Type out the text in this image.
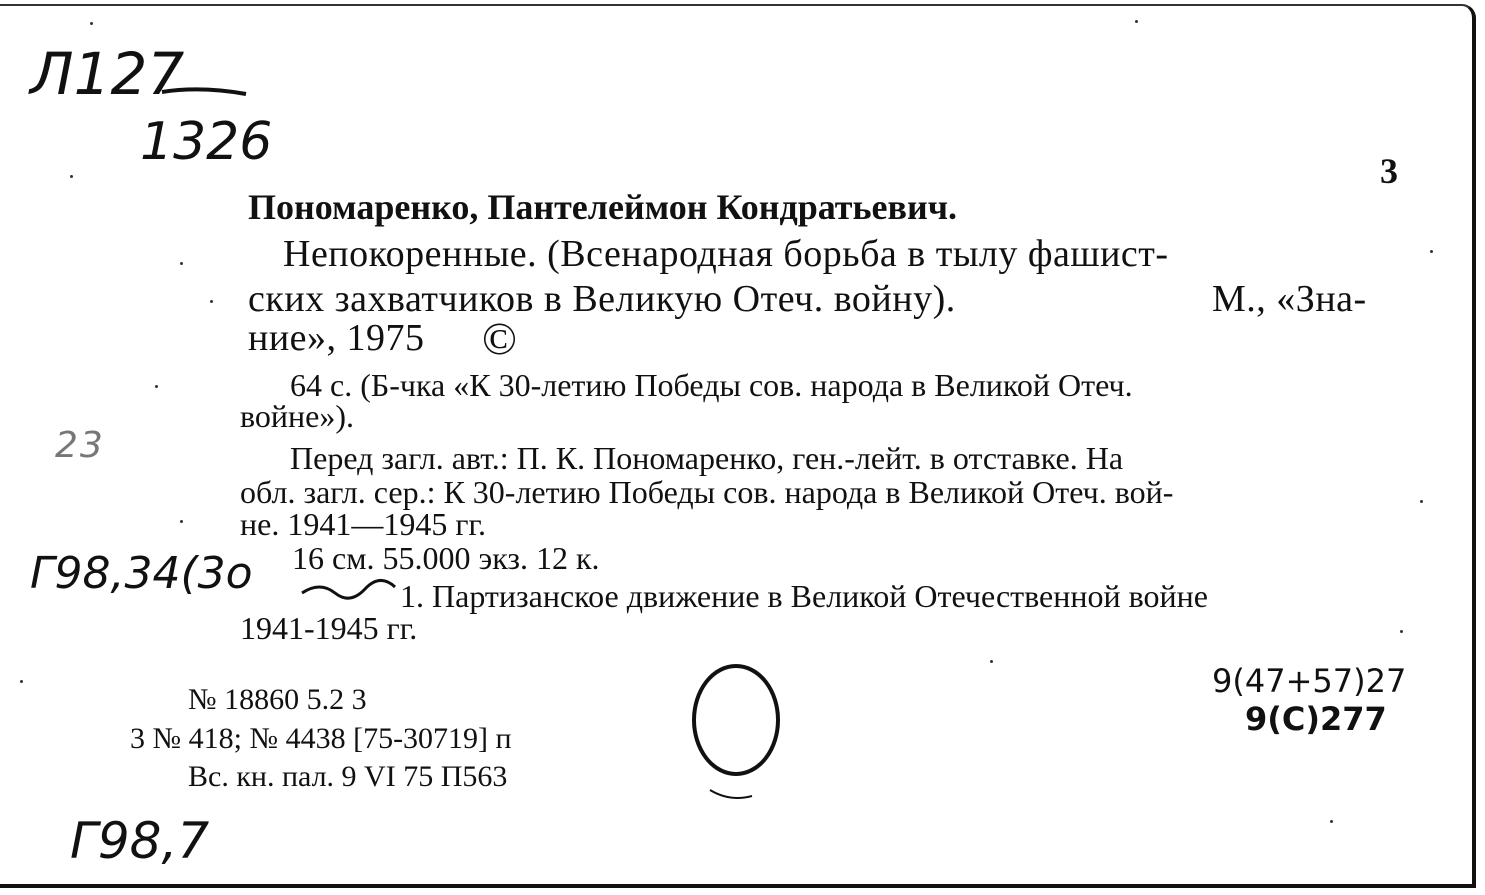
Л127
1326
23
Г98,34(3о
Г98,7
3
Пономаренко, Пантелеймон Кондратьевич.
Непокоренные. (Всенародная борьба в тылу фашист-
ских захватчиков в Великую Отеч. войну).	М., «Зна-
ние», 1975 ©
64 с. (Б-чка «К 30-летию Победы сов. народа в Великой Отеч.
войне»).
Перед загл. авт.: П. К. Пономаренко, ген.-лейт. в отставке. На
обл. загл. сер.: К 30-летию Победы сов. народа в Великой Отеч. вой-
не. 1941—1945 гг.
16 см. 55.000 экз. 12 к.
1. Партизанское движение в Великой Отечественной войне
1941-1945 гг.
№ 18860 5.2 3
3 № 418; № 4438 [75-30719] п
Вс. кн. пал. 9 VI 75 П563
9(47+57)27
9(С)277
